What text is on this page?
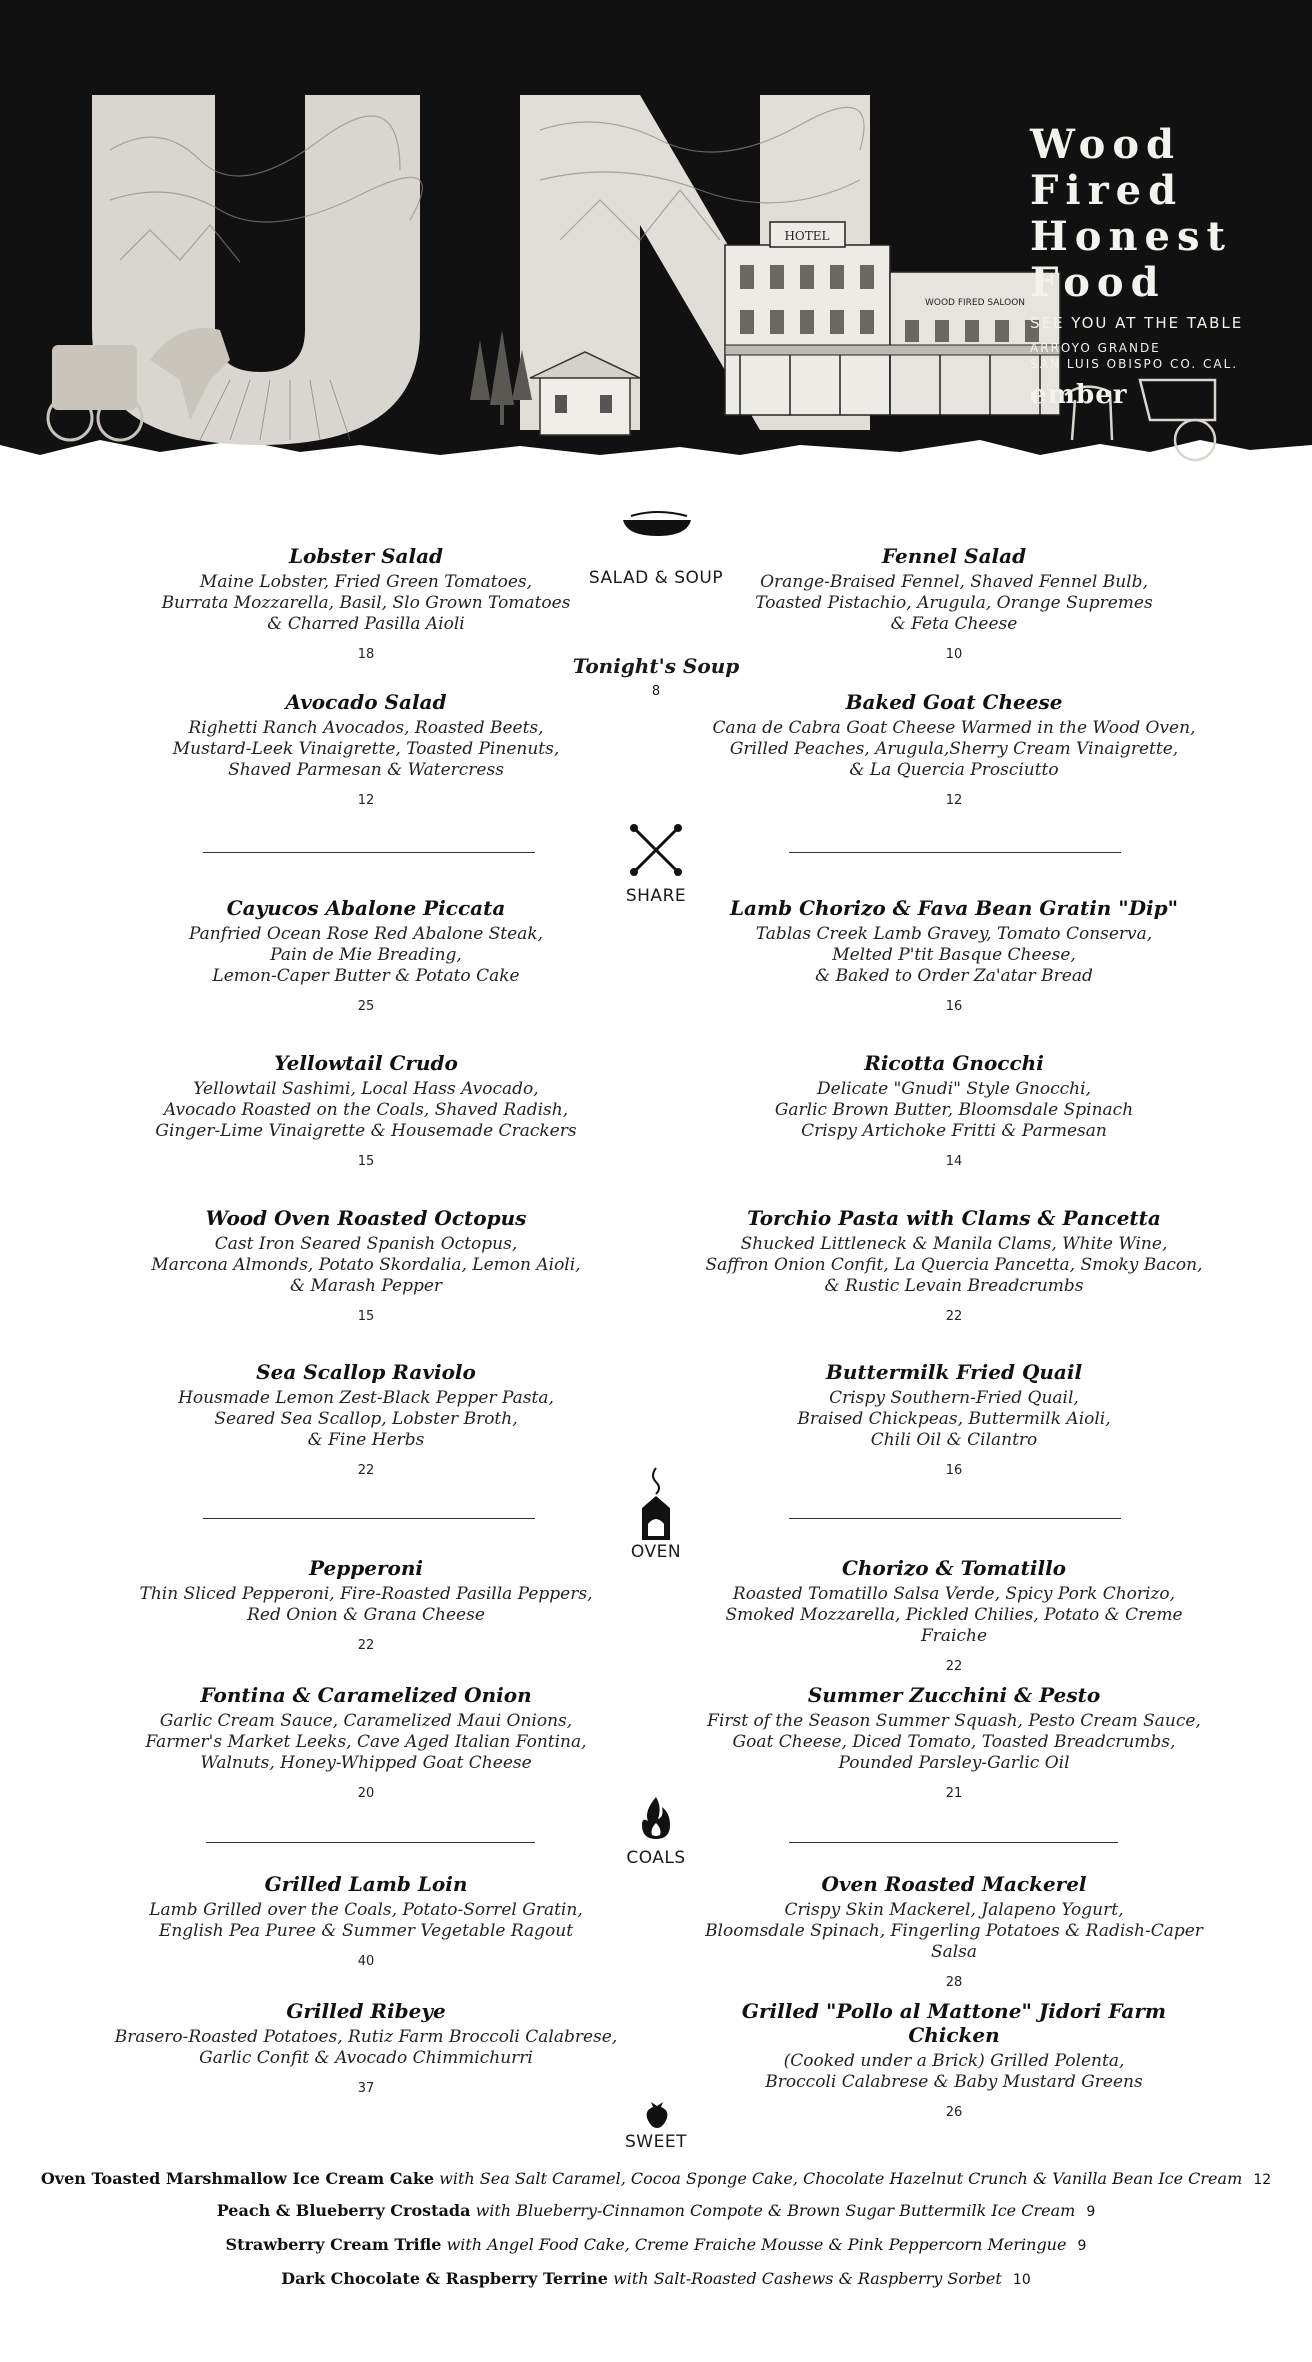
HOTEL
WOOD FIRED SALOON
Wood
Fired
Honest
Food
SEE YOU AT THE TABLE
ARROYO GRANDE
SAN LUIS OBISPO CO. CAL.
ember
SALAD & SOUP
Lobster Salad
Maine Lobster, Fried Green Tomatoes,
Burrata Mozzarella, Basil, Slo Grown Tomatoes
& Charred Pasilla Aioli
18
Fennel Salad
Orange-Braised Fennel, Shaved Fennel Bulb,
Toasted Pistachio, Arugula, Orange Supremes
& Feta Cheese
10
Tonight's Soup
8
Avocado Salad
Righetti Ranch Avocados, Roasted Beets,
Mustard-Leek Vinaigrette, Toasted Pinenuts,
Shaved Parmesan & Watercress
12
Baked Goat Cheese
Cana de Cabra Goat Cheese Warmed in the Wood Oven,
Grilled Peaches, Arugula,Sherry Cream Vinaigrette,
& La Quercia Prosciutto
12
SHARE
Cayucos Abalone Piccata
Panfried Ocean Rose Red Abalone Steak,
Pain de Mie Breading,
Lemon-Caper Butter & Potato Cake
25
Lamb Chorizo & Fava Bean Gratin "Dip"
Tablas Creek Lamb Gravey, Tomato Conserva,
Melted P'tit Basque Cheese,
& Baked to Order Za'atar Bread
16
Yellowtail Crudo
Yellowtail Sashimi, Local Hass Avocado,
Avocado Roasted on the Coals, Shaved Radish,
Ginger-Lime Vinaigrette & Housemade Crackers
15
Ricotta Gnocchi
Delicate "Gnudi" Style Gnocchi,
Garlic Brown Butter, Bloomsdale Spinach
Crispy Artichoke Fritti & Parmesan
14
Wood Oven Roasted Octopus
Cast Iron Seared Spanish Octopus,
Marcona Almonds, Potato Skordalia, Lemon Aioli,
& Marash Pepper
15
Torchio Pasta with Clams & Pancetta
Shucked Littleneck & Manila Clams, White Wine,
Saffron Onion Confit, La Quercia Pancetta, Smoky Bacon,
& Rustic Levain Breadcrumbs
22
Sea Scallop Raviolo
Housmade Lemon Zest-Black Pepper Pasta,
Seared Sea Scallop, Lobster Broth,
& Fine Herbs
22
Buttermilk Fried Quail
Crispy Southern-Fried Quail,
Braised Chickpeas, Buttermilk Aioli,
Chili Oil & Cilantro
16
OVEN
Pepperoni
Thin Sliced Pepperoni, Fire-Roasted Pasilla Peppers,
Red Onion & Grana Cheese
22
Chorizo & Tomatillo
Roasted Tomatillo Salsa Verde, Spicy Pork Chorizo,
Smoked Mozzarella, Pickled Chilies, Potato & Creme Fraiche
22
Fontina & Caramelized Onion
Garlic Cream Sauce, Caramelized Maui Onions,
Farmer's Market Leeks, Cave Aged Italian Fontina,
Walnuts, Honey-Whipped Goat Cheese
20
Summer Zucchini & Pesto
First of the Season Summer Squash, Pesto Cream Sauce,
Goat Cheese, Diced Tomato, Toasted Breadcrumbs,
Pounded Parsley-Garlic Oil
21
COALS
Grilled Lamb Loin
Lamb Grilled over the Coals, Potato-Sorrel Gratin,
English Pea Puree & Summer Vegetable Ragout
40
Oven Roasted Mackerel
Crispy Skin Mackerel, Jalapeno Yogurt,
Bloomsdale Spinach, Fingerling Potatoes & Radish-Caper Salsa
28
Grilled Ribeye
Brasero-Roasted Potatoes, Rutiz Farm Broccoli Calabrese,
Garlic Confit & Avocado Chimmichurri
37
Grilled "Pollo al Mattone" Jidori Farm Chicken
(Cooked under a Brick) Grilled Polenta,
Broccoli Calabrese & Baby Mustard Greens
26
SWEET
Oven Toasted Marshmallow Ice Cream Cake with Sea Salt Caramel, Cocoa Sponge Cake, Chocolate Hazelnut Crunch & Vanilla Bean Ice Cream 12
Peach & Blueberry Crostada with Blueberry-Cinnamon Compote & Brown Sugar Buttermilk Ice Cream 9
Strawberry Cream Trifle with Angel Food Cake, Creme Fraiche Mousse & Pink Peppercorn Meringue 9
Dark Chocolate & Raspberry Terrine with Salt-Roasted Cashews & Raspberry Sorbet 10
